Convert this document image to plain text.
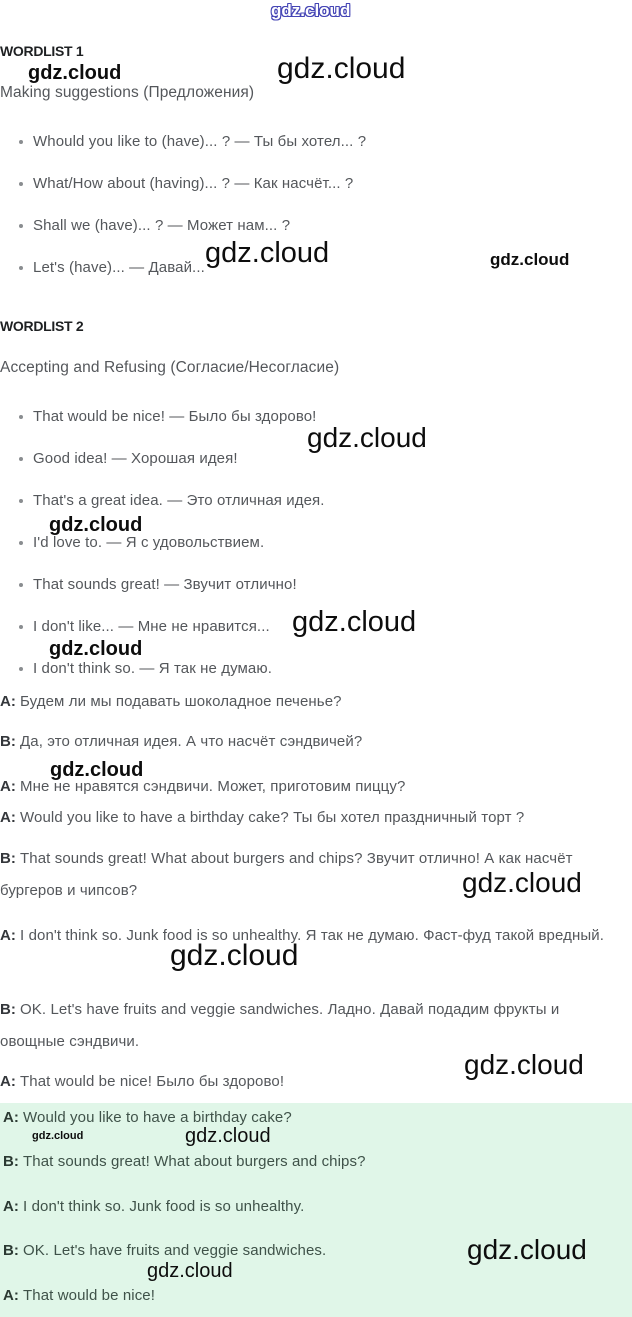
gdz.cloud
gdz.cloud	gdz.cloud
gdz.cloud	gdz.cloud
gdz.cloud
gdz.cloud
gdz.cloud
gdz.cloud
gdz.cloud
gdz.cloud
gdz.cloud
gdz.cloud
gdz.cloud	gdz.cloud
gdz.cloud
gdz.cloud
WORDLIST 1
Making suggestions (Предложения)
Whould you like to (have)... ? — Ты бы хотел... ?
What/How about (having)... ? — Как насчёт... ?
Shall we (have)... ? — Может нам... ?
Let's (have)... — Давай...
WORDLIST 2
Accepting and Refusing (Согласие/Несогласие)
That would be nice! — Было бы здорово!
Good idea! — Хорошая идея!
That's a great idea. — Это отличная идея.
I'd love to. — Я с удовольствием.
That sounds great! — Звучит отлично!
I don't like... — Мне не нравится...
I don't think so. — Я так не думаю.

A: Будем ли мы подавать шоколадное печенье?

B: Да, это отличная идея. А что насчёт сэндвичей?

A: Мне не нравятся сэндвичи. Может, приготовим пиццу?

A: Would you like to have a birthday cake? Ты бы хотел праздничный торт ?

B: That sounds great! What about burgers and chips? Звучит отлично! А как насчёт бургеров и чипсов?

A: I don't think so. Junk food is so unhealthy. Я так не думаю. Фаст-фуд такой вредный.

B: OK. Let's have fruits and veggie sandwiches. Ладно. Давай подадим фрукты и овощные сэндвичи.

A: That would be nice! Было бы здорово!

A: Would you like to have a birthday cake?

B: That sounds great! What about burgers and chips?

A: I don't think so. Junk food is so unhealthy.

B: OK. Let's have fruits and veggie sandwiches.

A: That would be nice!
